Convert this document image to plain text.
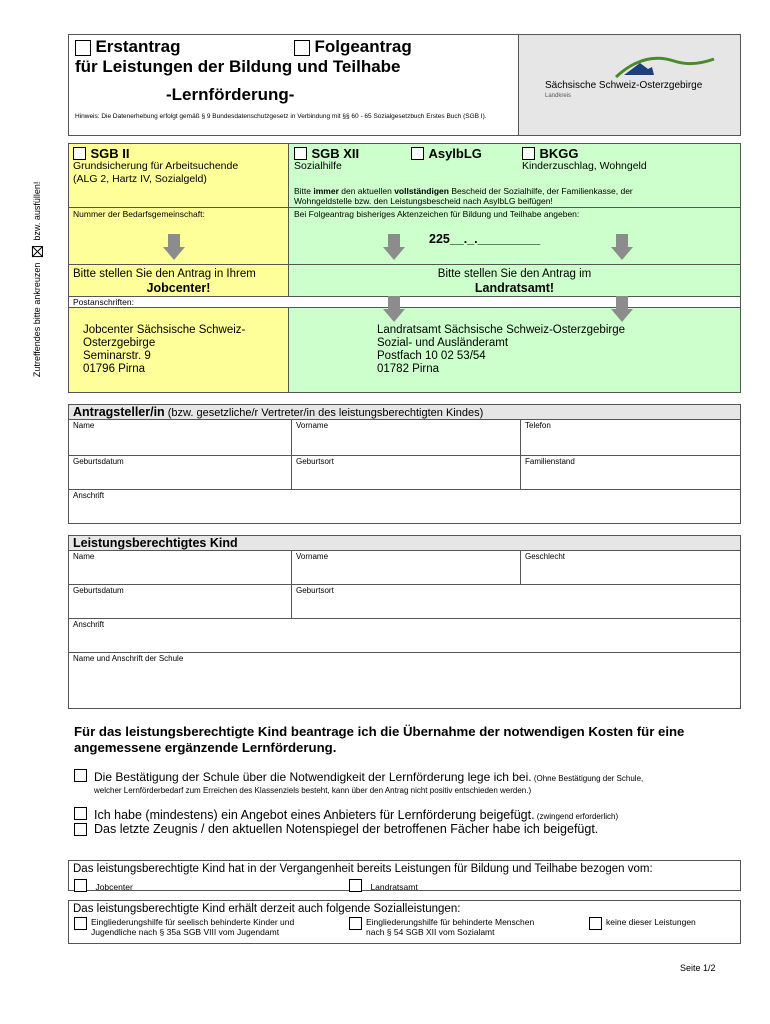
Zutreffendes bitte ankreuzen
bzw. ausfüllen!
Erstantrag	Folgeantrag
für Leistungen der Bildung und Teilhabe
-Lernförderung-
Hinweis: Die Datenerhebung erfolgt gemäß § 9 Bundesdatenschutzgesetz in Verbindung mit §§ 60 - 65 Sozialgesetzbuch Erstes Buch (SGB I).
Sächsische Schweiz-Osterzgebirge
Landkreis
SGB II
Grundsicherung für Arbeitsuchende
(ALG 2, Hartz IV, Sozialgeld)
SGB XII
Sozialhilfe
AsylbLG	BKGG
Kinderzuschlag, Wohngeld
Bitte immer den aktuellen vollständigen Bescheid der Sozialhilfe, der Familienkasse, der
Wohngeldstelle bzw. den Leistungsbescheid nach AsylbLG beifügen!
Nummer der Bedarfsgemeinschaft:	Bei Folgeantrag bisheriges Aktenzeichen für Bildung und Teilhabe angeben:
225__._._________
Bitte stellen Sie den Antrag in Ihrem
Jobcenter!
Bitte stellen Sie den Antrag im
Landratsamt!
Postanschriften:
Jobcenter Sächsische Schweiz-
Osterzgebirge
Seminarstr. 9
01796 Pirna
Landratsamt Sächsische Schweiz-Osterzgebirge
Sozial- und Ausländeramt
Postfach 10 02 53/54
01782 Pirna
Antragsteller/in (bzw. gesetzliche/r Vertreter/in des leistungsberechtigten Kindes)
Name	Vorname	Telefon
Geburtsdatum	Geburtsort	Familienstand
Anschrift
Leistungsberechtigtes Kind
Name	Vorname	Geschlecht
Geburtsdatum	Geburtsort
Anschrift
Name und Anschrift der Schule
Für das leistungsberechtigte Kind beantrage ich die Übernahme der notwendigen Kosten für eine
angemessene ergänzende Lernförderung.
Die Bestätigung der Schule über die Notwendigkeit der Lernförderung lege ich bei. (Ohne Bestätigung der Schule,
welcher Lernförderbedarf zum Erreichen des Klassenziels besteht, kann über den Antrag nicht positiv entschieden werden.)
Ich habe (mindestens) ein Angebot eines Anbieters für Lernförderung beigefügt. (zwingend erforderlich)
Das letzte Zeugnis / den aktuellen Notenspiegel der betroffenen Fächer habe ich beigefügt.
Das leistungsberechtigte Kind hat in der Vergangenheit bereits Leistungen für Bildung und Teilhabe bezogen vom:
Jobcenter	Landratsamt
Das leistungsberechtigte Kind erhält derzeit auch folgende Sozialleistungen:
Eingliederungshilfe für seelisch behinderte Kinder und
Jugendliche nach § 35a SGB VIII vom Jugendamt
Eingliederungshilfe für behinderte Menschen
nach § 54 SGB XII vom Sozialamt
keine dieser Leistungen
Seite 1/2
